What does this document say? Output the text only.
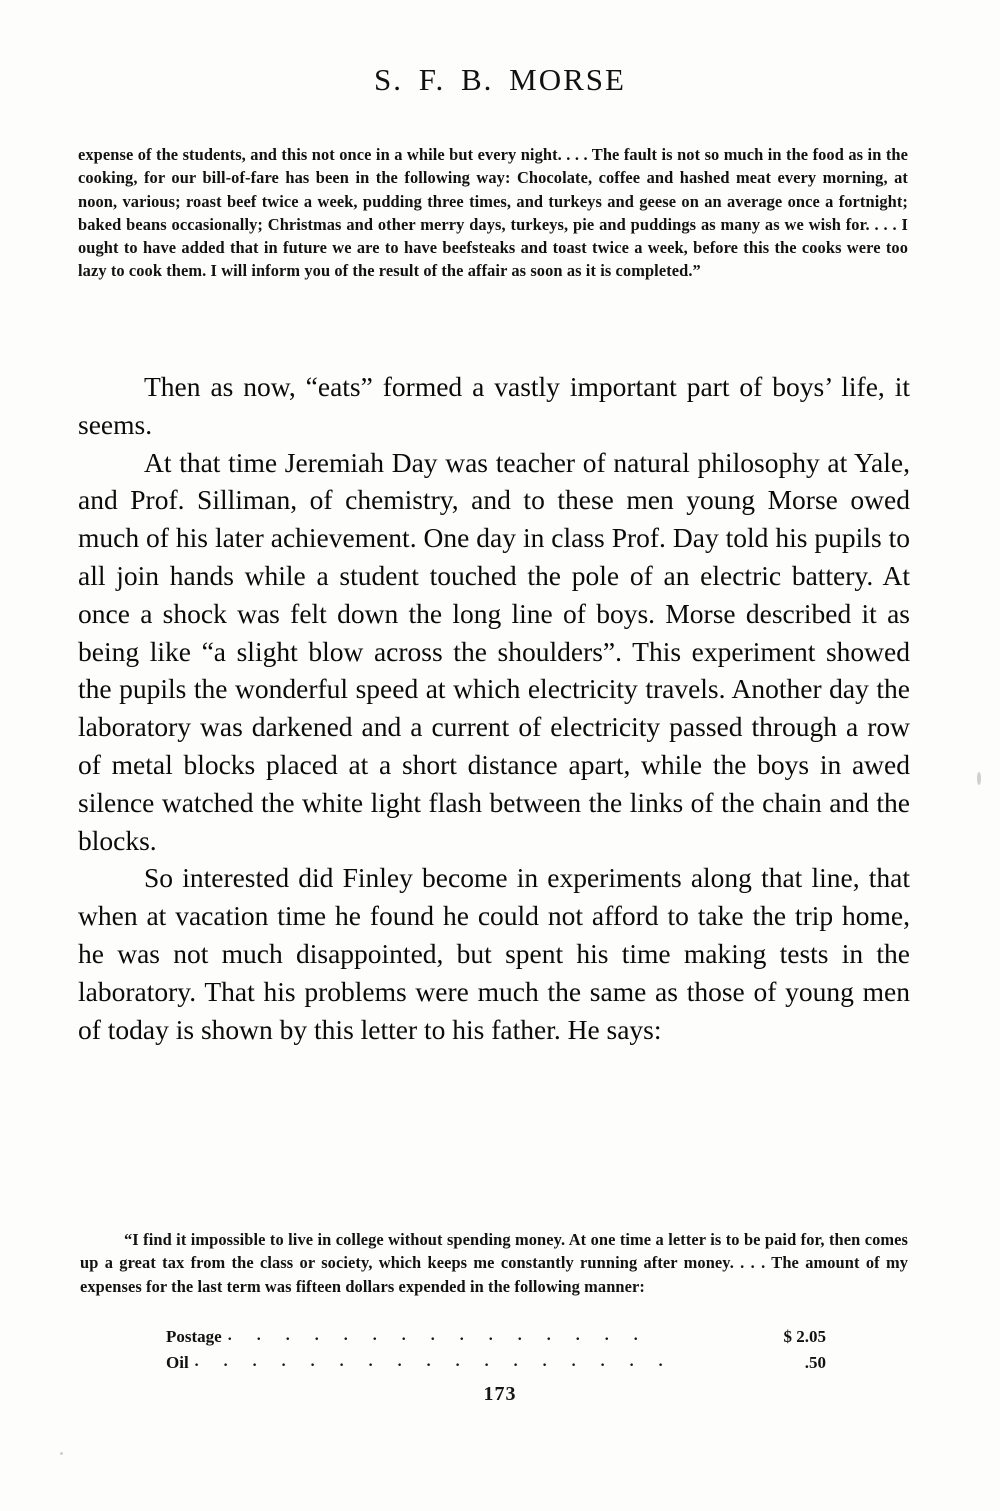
S. F. B. MORSE
expense of the students, and this not once in a while but every night. . . . The fault is not so much in the food as in the cooking, for our bill-of-fare has been in the following way: Chocolate, coffee and hashed meat every morning, at noon, various; roast beef twice a week, pudding three times, and turkeys and geese on an average once a fortnight; baked beans occasionally; Christmas and other merry days, turkeys, pie and puddings as many as we wish for. . . . I ought to have added that in future we are to have beefsteaks and toast twice a week, before this the cooks were too lazy to cook them. I will inform you of the result of the affair as soon as it is completed.”

Then as now, “eats” formed a vastly important part of boys’ life, it seems.

At that time Jeremiah Day was teacher of natural philosophy at Yale, and Prof. Silliman, of chemistry, and to these men young Morse owed much of his later achievement. One day in class Prof. Day told his pupils to all join hands while a student touched the pole of an electric battery. At once a shock was felt down the long line of boys. Morse described it as being like “a slight blow across the shoulders”. This experiment showed the pupils the wonderful speed at which electricity travels. Another day the laboratory was darkened and a current of electricity passed through a row of metal blocks placed at a short distance apart, while the boys in awed silence watched the white light flash between the links of the chain and the blocks.

So interested did Finley become in experiments along that line, that when at vacation time he found he could not afford to take the trip home, he was not much disappointed, but spent his time making tests in the laboratory. That his problems were much the same as those of young men of today is shown by this letter to his father. He says:

“I find it impossible to live in college without spending money. At one time a letter is to be paid for, then comes up a great tax from the class or society, which keeps me constantly running after money. . . . The amount of my expenses for the last term was fifteen dollars expended in the following manner:
Postage . . . . . . . . . . . . . . .	$ 2.05
Oil . . . . . . . . . . . . . . . . .	.50
173
